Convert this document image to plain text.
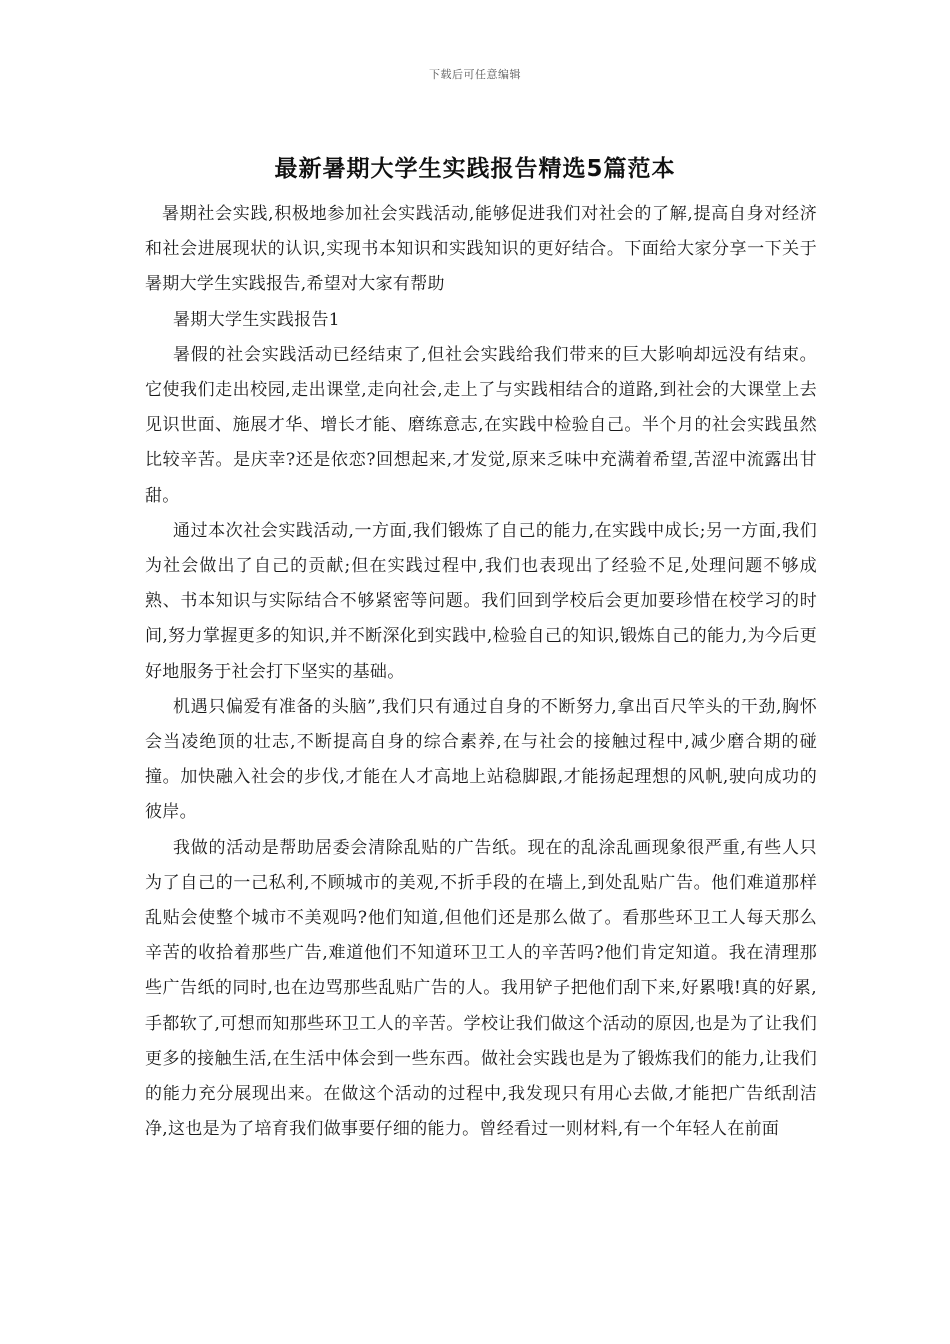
下载后可任意编辑
最新暑期大学生实践报告精选5篇范本

暑期社会实践,积极地参加社会实践活动,能够促进我们对社会的了解,提高自身对经济和社会进展现状的认识,实现书本知识和实践知识的更好结合。下面给大家分享一下关于暑期大学生实践报告,希望对大家有帮助

暑期大学生实践报告1

暑假的社会实践活动已经结束了,但社会实践给我们带来的巨大影响却远没有结束。它使我们走出校园,走出课堂,走向社会,走上了与实践相结合的道路,到社会的大课堂上去见识世面、施展才华、增长才能、磨练意志,在实践中检验自己。半个月的社会实践虽然比较辛苦。是庆幸?还是依恋?回想起来,才发觉,原来乏味中充满着希望,苦涩中流露出甘甜。

通过本次社会实践活动,一方面,我们锻炼了自己的能力,在实践中成长;另一方面,我们为社会做出了自己的贡献;但在实践过程中,我们也表现出了经验不足,处理问题不够成熟、书本知识与实际结合不够紧密等问题。我们回到学校后会更加要珍惜在校学习的时间,努力掌握更多的知识,并不断深化到实践中,检验自己的知识,锻炼自己的能力,为今后更好地服务于社会打下坚实的基础。

机遇只偏爱有准备的头脑”,我们只有通过自身的不断努力,拿出百尺竿头的干劲,胸怀会当凌绝顶的壮志,不断提高自身的综合素养,在与社会的接触过程中,减少磨合期的碰撞。加快融入社会的步伐,才能在人才高地上站稳脚跟,才能扬起理想的风帆,驶向成功的彼岸。

我做的活动是帮助居委会清除乱贴的广告纸。现在的乱涂乱画现象很严重,有些人只为了自己的一己私利,不顾城市的美观,不折手段的在墙上,到处乱贴广告。他们难道那样乱贴会使整个城市不美观吗?他们知道,但他们还是那么做了。看那些环卫工人每天那么辛苦的收拾着那些广告,难道他们不知道环卫工人的辛苦吗?他们肯定知道。我在清理那些广告纸的同时,也在边骂那些乱贴广告的人。我用铲子把他们刮下来,好累哦!真的好累,手都软了,可想而知那些环卫工人的辛苦。学校让我们做这个活动的原因,也是为了让我们更多的接触生活,在生活中体会到一些东西。做社会实践也是为了锻炼我们的能力,让我们的能力充分展现出来。在做这个活动的过程中,我发现只有用心去做,才能把广告纸刮洁净,这也是为了培育我们做事要仔细的能力。曾经看过一则材料,有一个年轻人在前面
